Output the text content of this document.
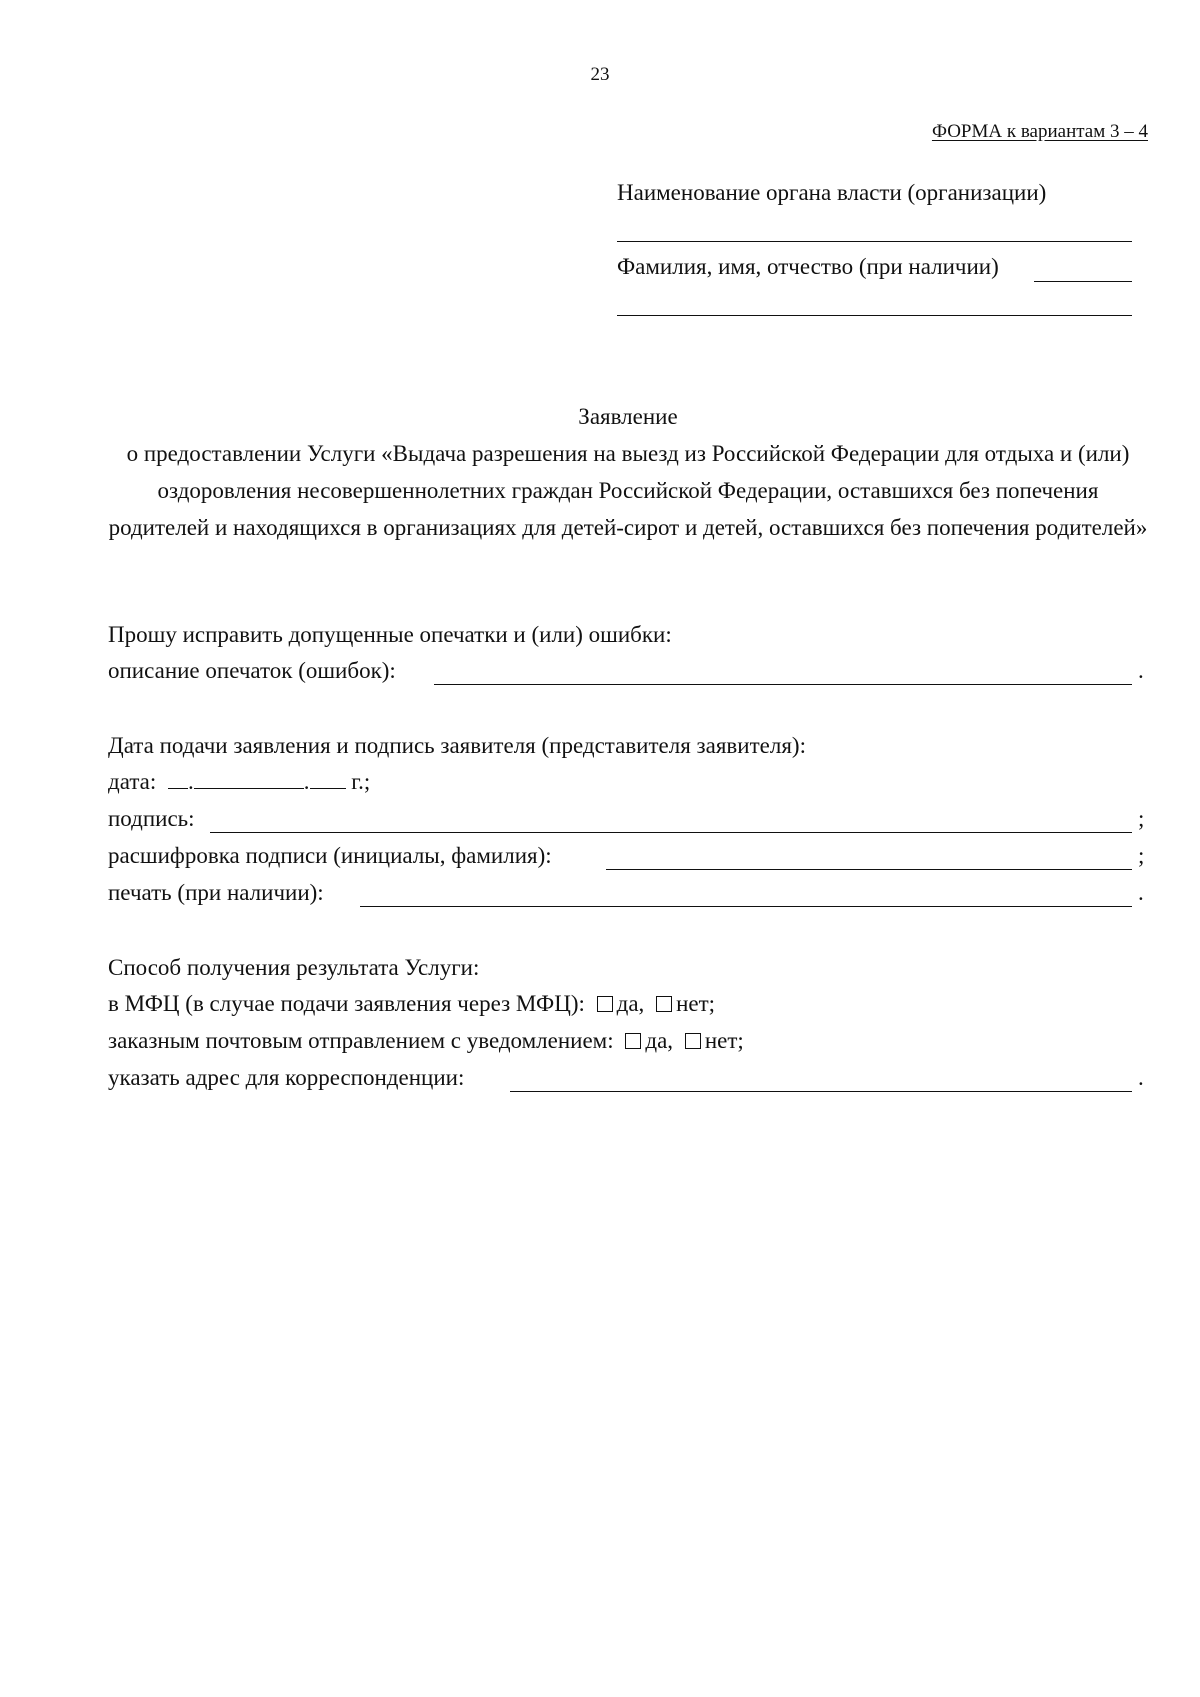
23
ФОРМА к вариантам 3 – 4
Наименование органа власти (организации)
Фамилия, имя, отчество (при наличии)
Заявление
о предоставлении Услуги «Выдача разрешения на выезд из Российской Федерации для отдыха и (или) оздоровления несовершеннолетних граждан Российской Федерации, оставшихся без попечения родителей и находящихся в организациях для детей-сирот и детей, оставшихся без попечения родителей»
Прошу исправить допущенные опечатки и (или) ошибки:
описание опечаток (ошибок):	.
Дата подачи заявления и подпись заявителя (представителя заявителя):
дата: .	. г.;
подпись:	;
расшифровка подписи (инициалы, фамилия):	;
печать (при наличии):	.
Способ получения результата Услуги:
в МФЦ (в случае подачи заявления через МФЦ): да, нет;
заказным почтовым отправлением с уведомлением: да, нет;
указать адрес для корреспонденции:	.
